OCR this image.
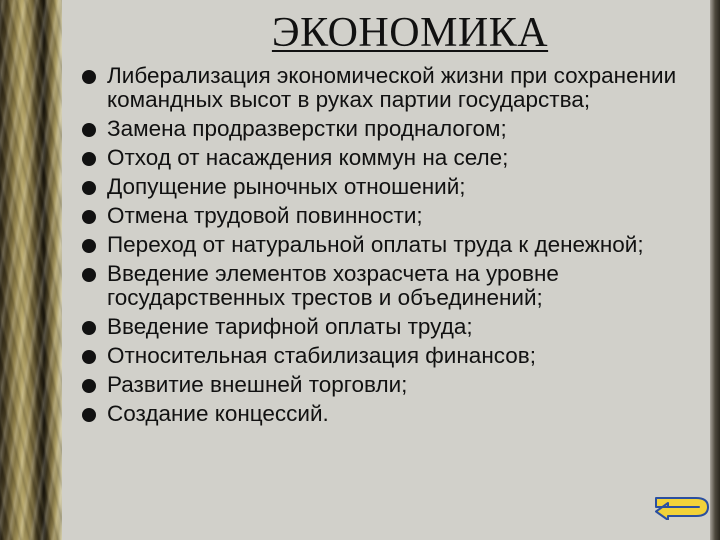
ЭКОНОМИКА
Либерализация экономической жизни при сохранении командных высот в руках партии государства;
Замена продразверстки продналогом;
Отход от насаждения коммун на селе;
Допущение рыночных отношений;
Отмена трудовой повинности;
Переход от натуральной оплаты труда к денежной;
Введение элементов хозрасчета на уровне государственных трестов и объединений;
Введение тарифной оплаты труда;
Относительная стабилизация финансов;
Развитие внешней торговли;
Создание концессий.
